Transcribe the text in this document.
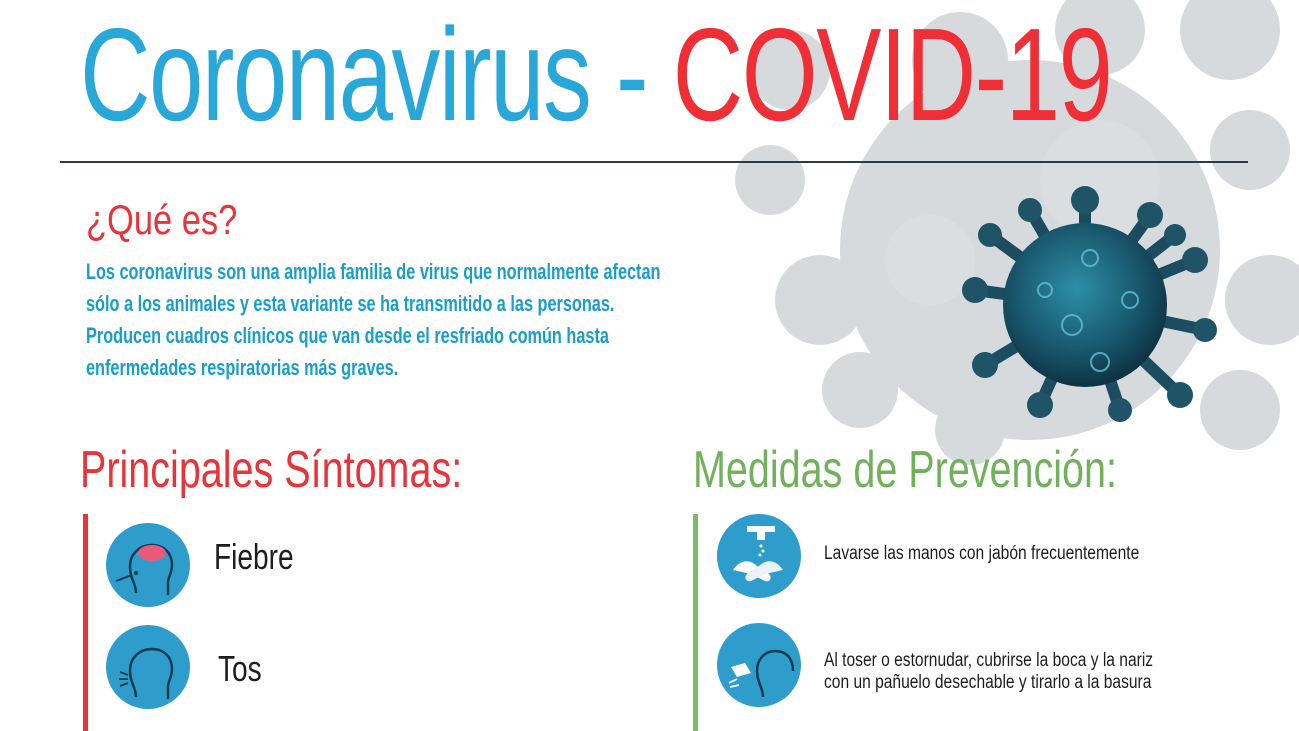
Coronavirus - COVID-19
¿Qué es?
Los coronavirus son una amplia familia de virus que normalmente afectan
sólo a los animales y esta variante se ha transmitido a las personas.
Producen cuadros clínicos que van desde el resfriado común hasta
enfermedades respiratorias más graves.
Principales Síntomas:	Medidas de Prevención:
Fiebre
Tos
Lavarse las manos con jabón frecuentemente
Al toser o estornudar, cubrirse la boca y la nariz
con un pañuelo desechable y tirarlo a la basura
